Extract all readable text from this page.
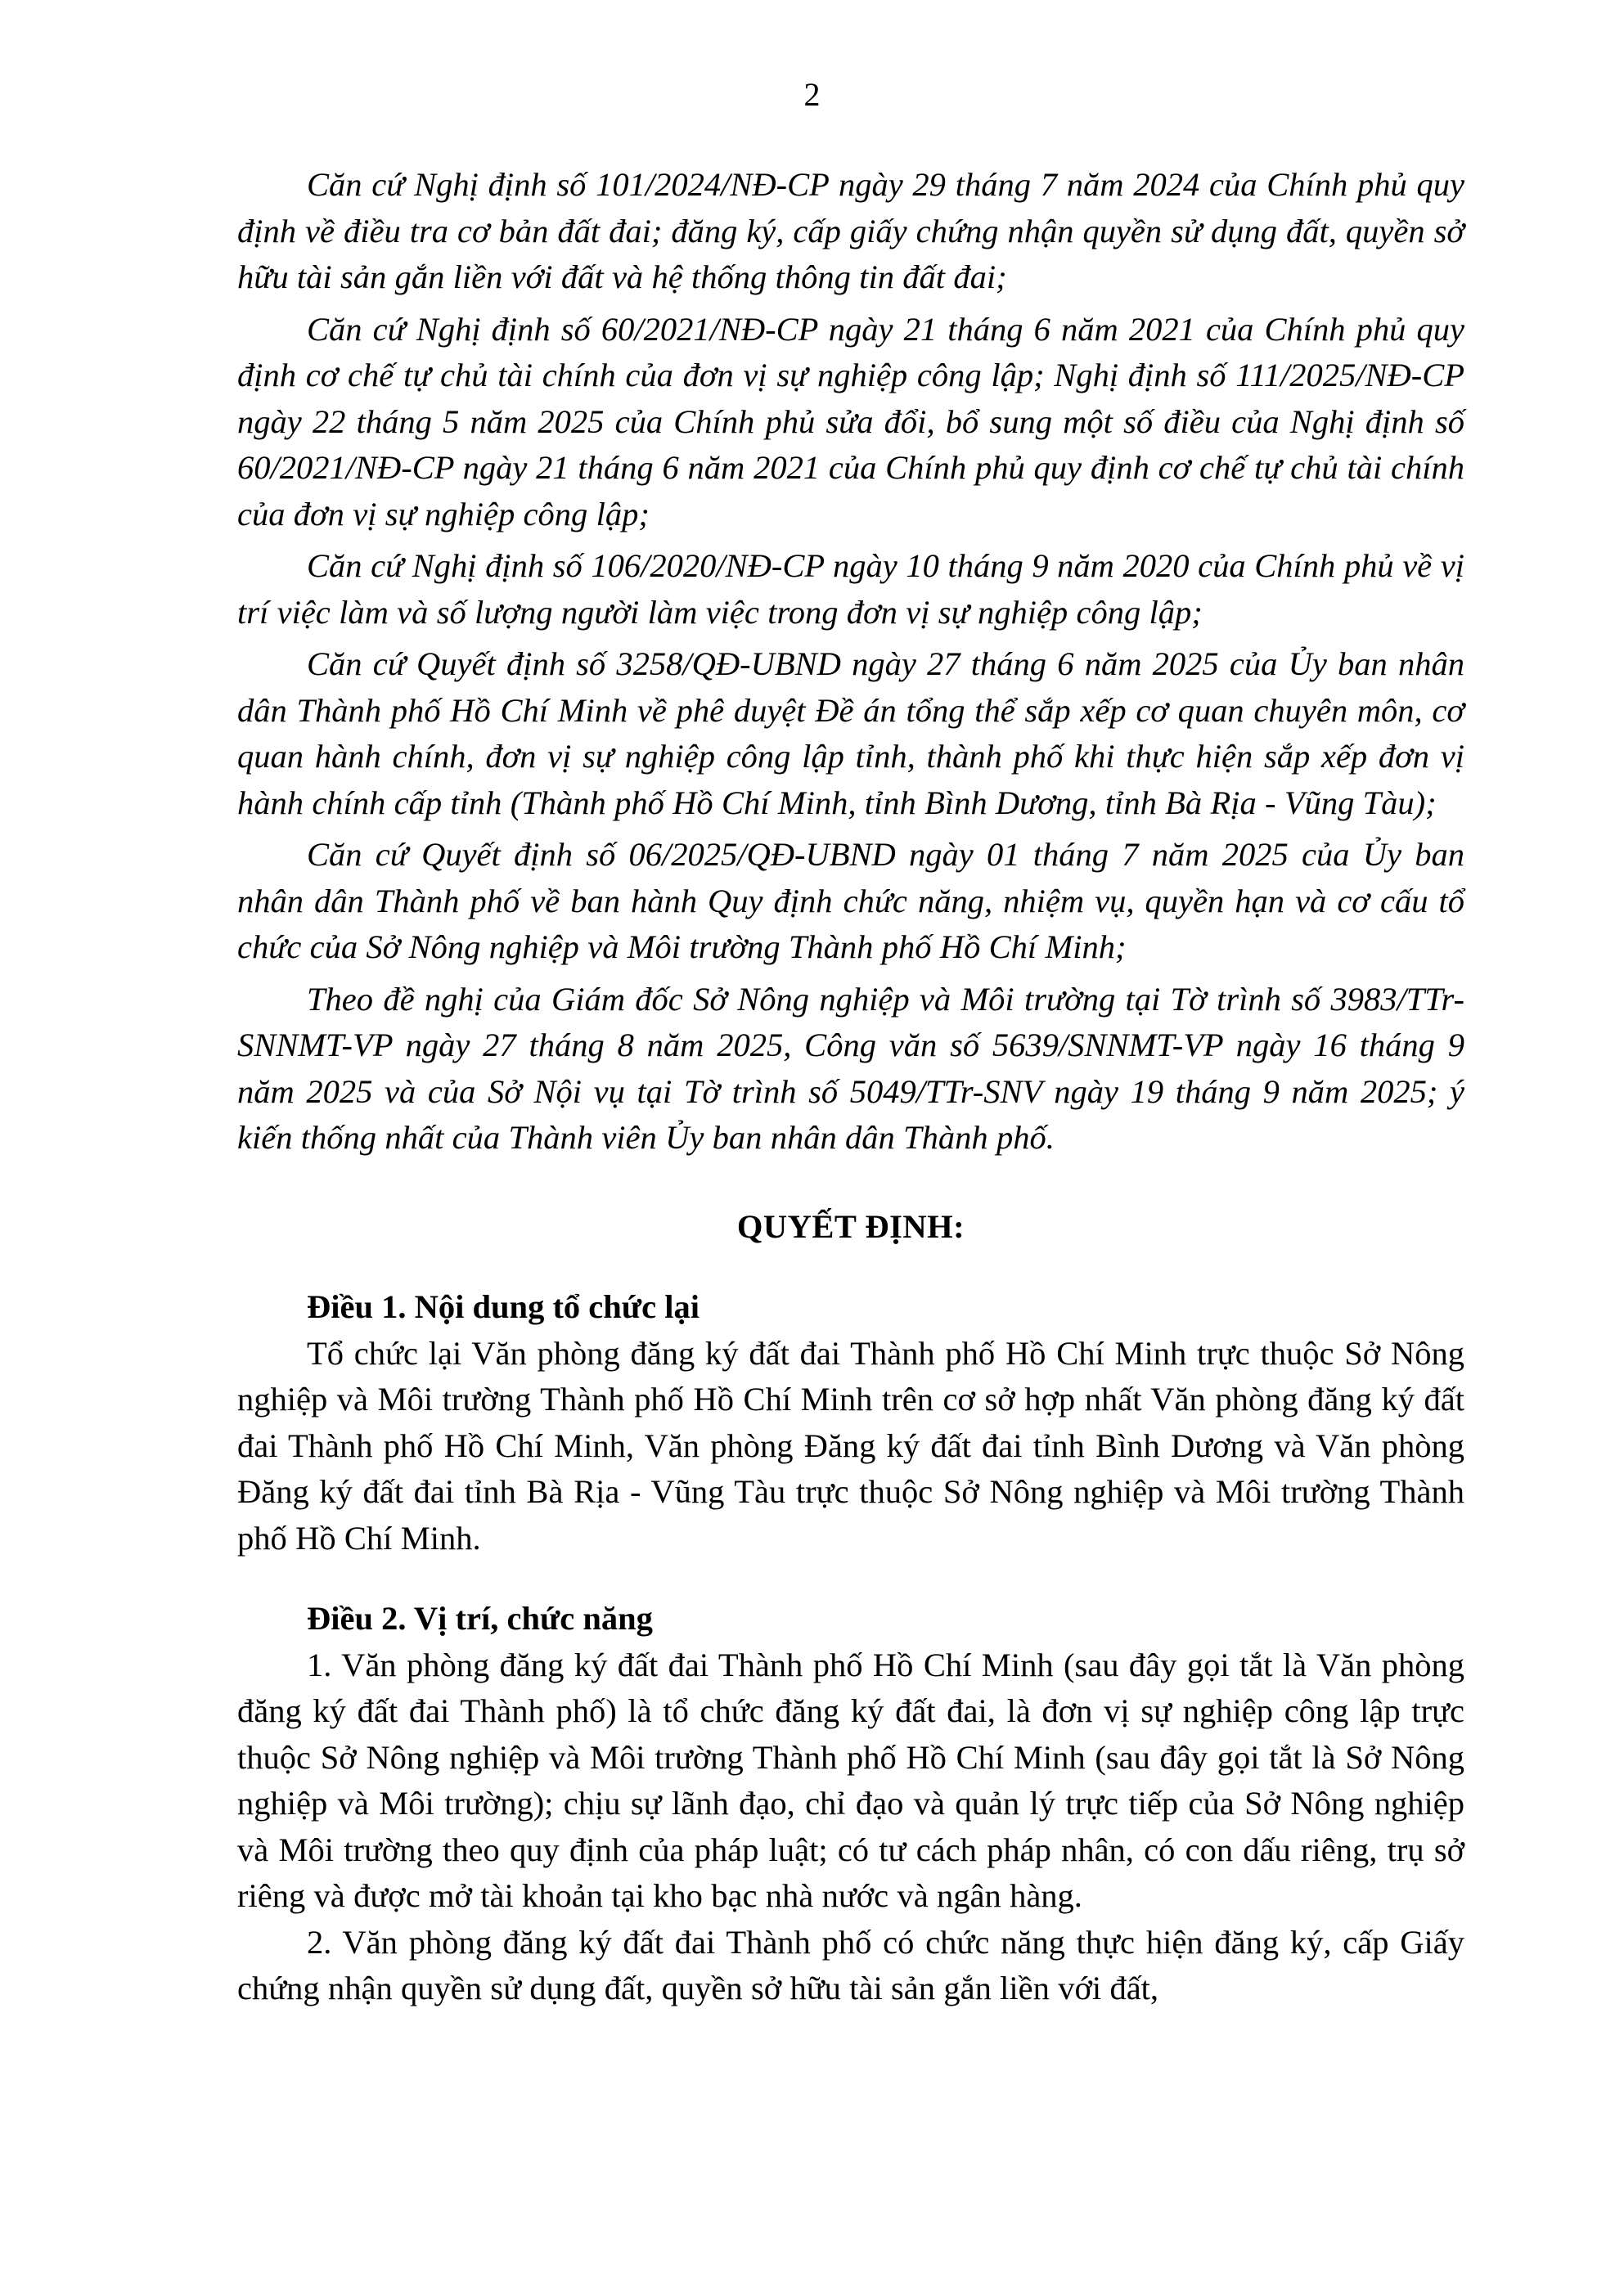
2

Căn cứ Nghị định số 101/2024/NĐ-CP ngày 29 tháng 7 năm 2024 của Chính phủ quy định về điều tra cơ bản đất đai; đăng ký, cấp giấy chứng nhận quyền sử dụng đất, quyền sở hữu tài sản gắn liền với đất và hệ thống thông tin đất đai;

Căn cứ Nghị định số 60/2021/NĐ-CP ngày 21 tháng 6 năm 2021 của Chính phủ quy định cơ chế tự chủ tài chính của đơn vị sự nghiệp công lập; Nghị định số 111/2025/NĐ-CP ngày 22 tháng 5 năm 2025 của Chính phủ sửa đổi, bổ sung một số điều của Nghị định số 60/2021/NĐ-CP ngày 21 tháng 6 năm 2021 của Chính phủ quy định cơ chế tự chủ tài chính của đơn vị sự nghiệp công lập;

Căn cứ Nghị định số 106/2020/NĐ-CP ngày 10 tháng 9 năm 2020 của Chính phủ về vị trí việc làm và số lượng người làm việc trong đơn vị sự nghiệp công lập;

Căn cứ Quyết định số 3258/QĐ-UBND ngày 27 tháng 6 năm 2025 của Ủy ban nhân dân Thành phố Hồ Chí Minh về phê duyệt Đề án tổng thể sắp xếp cơ quan chuyên môn, cơ quan hành chính, đơn vị sự nghiệp công lập tỉnh, thành phố khi thực hiện sắp xếp đơn vị hành chính cấp tỉnh (Thành phố Hồ Chí Minh, tỉnh Bình Dương, tỉnh Bà Rịa - Vũng Tàu);

Căn cứ Quyết định số 06/2025/QĐ-UBND ngày 01 tháng 7 năm 2025 của Ủy ban nhân dân Thành phố về ban hành Quy định chức năng, nhiệm vụ, quyền hạn và cơ cấu tổ chức của Sở Nông nghiệp và Môi trường Thành phố Hồ Chí Minh;

Theo đề nghị của Giám đốc Sở Nông nghiệp và Môi trường tại Tờ trình số 3983/TTr-SNNMT-VP ngày 27 tháng 8 năm 2025, Công văn số 5639/SNNMT-VP ngày 16 tháng 9 năm 2025 và của Sở Nội vụ tại Tờ trình số 5049/TTr-SNV ngày 19 tháng 9 năm 2025; ý kiến thống nhất của Thành viên Ủy ban nhân dân Thành phố.

QUYẾT ĐỊNH:
Điều 1. Nội dung tổ chức lại

Tổ chức lại Văn phòng đăng ký đất đai Thành phố Hồ Chí Minh trực thuộc Sở Nông nghiệp và Môi trường Thành phố Hồ Chí Minh trên cơ sở hợp nhất Văn phòng đăng ký đất đai Thành phố Hồ Chí Minh, Văn phòng Đăng ký đất đai tỉnh Bình Dương và Văn phòng Đăng ký đất đai tỉnh Bà Rịa - Vũng Tàu trực thuộc Sở Nông nghiệp và Môi trường Thành phố Hồ Chí Minh.

Điều 2. Vị trí, chức năng

1. Văn phòng đăng ký đất đai Thành phố Hồ Chí Minh (sau đây gọi tắt là Văn phòng đăng ký đất đai Thành phố) là tổ chức đăng ký đất đai, là đơn vị sự nghiệp công lập trực thuộc Sở Nông nghiệp và Môi trường Thành phố Hồ Chí Minh (sau đây gọi tắt là Sở Nông nghiệp và Môi trường); chịu sự lãnh đạo, chỉ đạo và quản lý trực tiếp của Sở Nông nghiệp và Môi trường theo quy định của pháp luật; có tư cách pháp nhân, có con dấu riêng, trụ sở riêng và được mở tài khoản tại kho bạc nhà nước và ngân hàng.

2. Văn phòng đăng ký đất đai Thành phố có chức năng thực hiện đăng ký, cấp Giấy chứng nhận quyền sử dụng đất, quyền sở hữu tài sản gắn liền với đất,
